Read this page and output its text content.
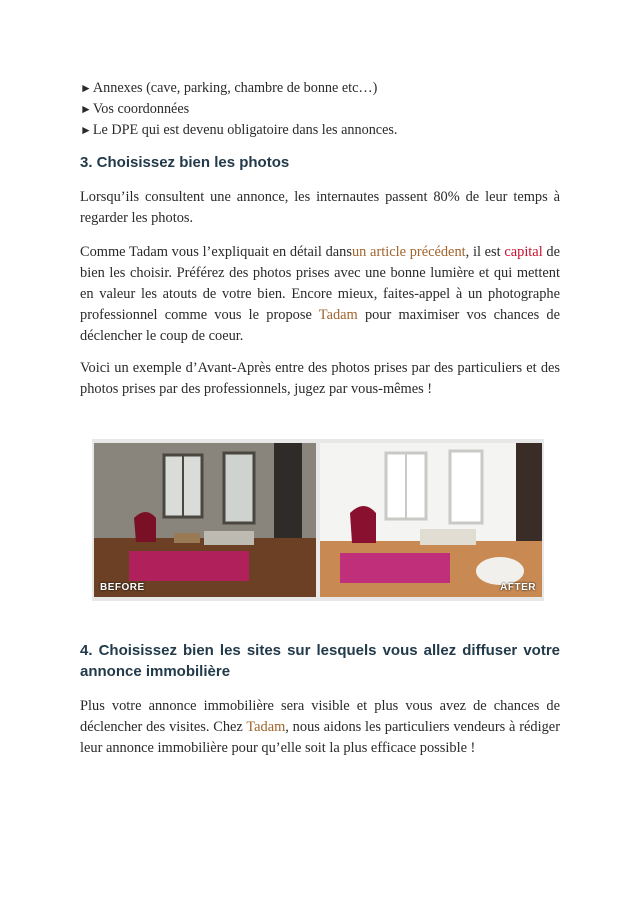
►Annexes (cave, parking, chambre de bonne etc…)
►Vos coordonnées
►Le DPE qui est devenu obligatoire dans les annonces.
3. Choisissez bien les photos

Lorsqu’ils consultent une annonce, les internautes passent 80% de leur temps à regarder les photos.

Comme Tadam vous l’expliquait en détail dansun article précédent, il est capital de bien les choisir. Préférez des photos prises avec une bonne lumière et qui mettent en valeur les atouts de votre bien. Encore mieux, faites-appel à un photographe professionnel comme vous le propose Tadam pour maximiser vos chances de déclencher le coup de coeur.

Voici un exemple d’Avant-Après entre des photos prises par des particuliers et des photos prises par des professionnels, jugez par vous-mêmes !

BEFORE	AFTER
4. Choisissez bien les sites sur lesquels vous allez diffuser votre annonce immobilière

Plus votre annonce immobilière sera visible et plus vous avez de chances de déclencher des visites. Chez Tadam, nous aidons les particuliers vendeurs à rédiger leur annonce immobilière pour qu’elle soit la plus efficace possible !
